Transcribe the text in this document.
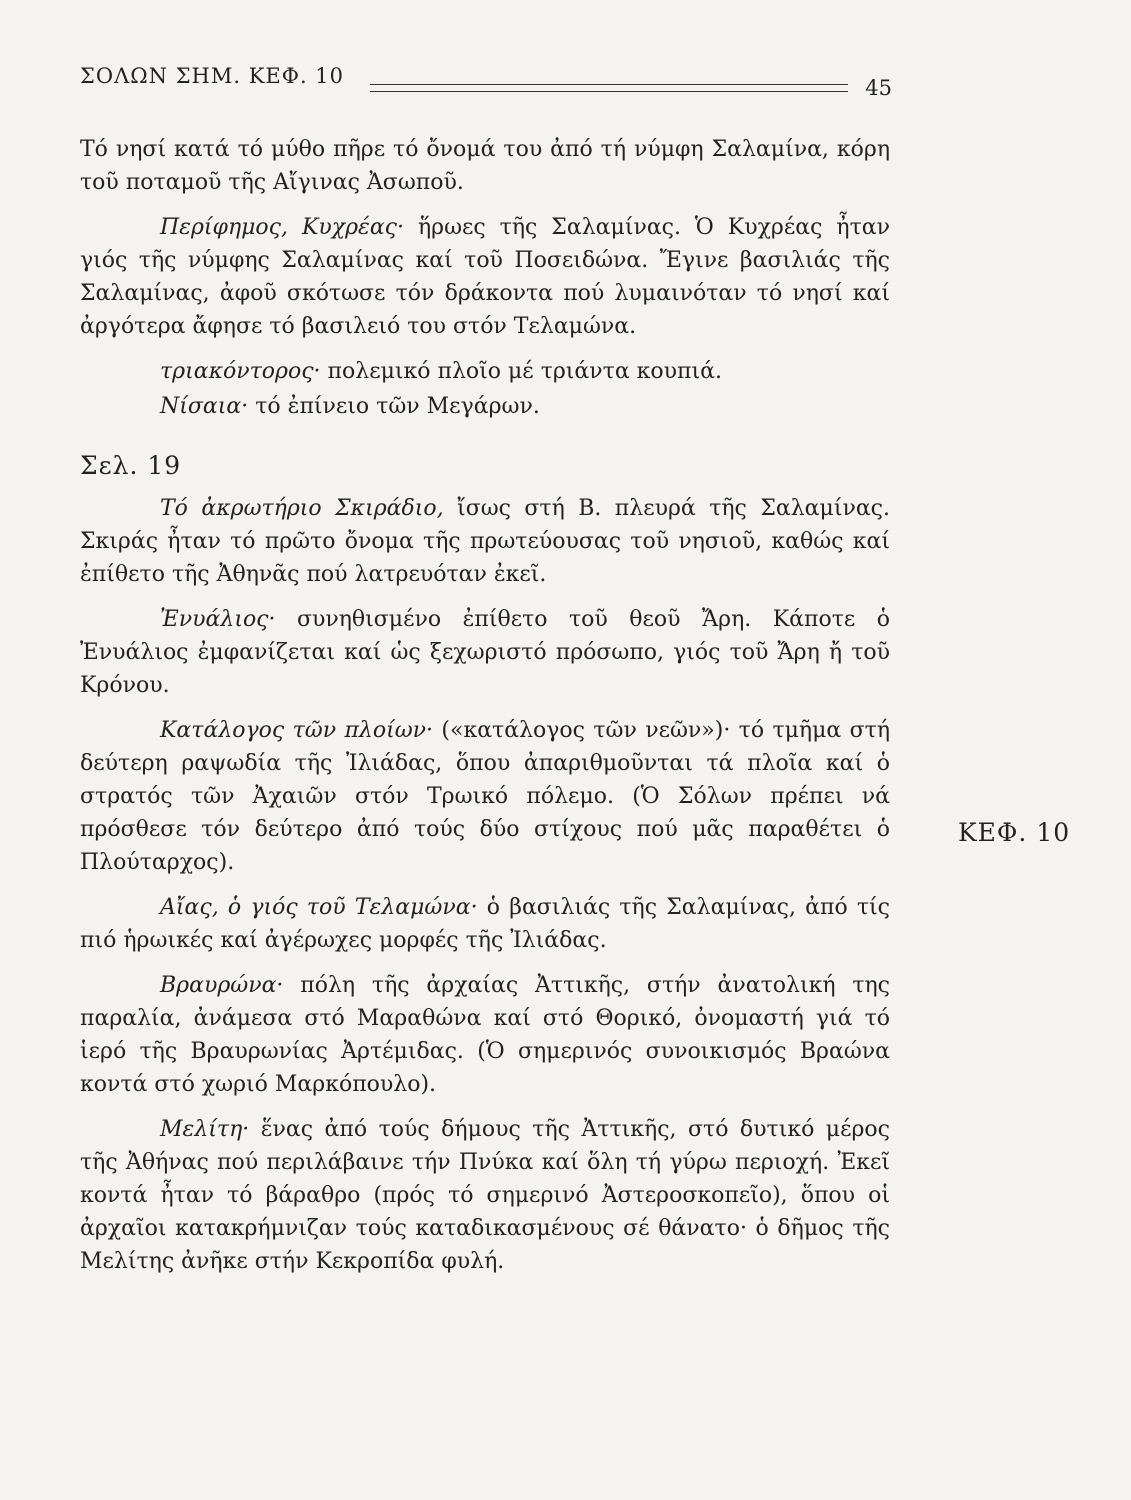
ΣΟΛΩΝ ΣΗΜ. ΚΕΦ. 10	45

Τό νησί κατά τό μύθο πῆρε τό ὄνομά του ἀπό τή νύμφη Σαλαμίνα, κόρη τοῦ ποταμοῦ τῆς Αἴγινας Ἀσωποῦ.

Περίφημος, Κυχρέας· ἥρωες τῆς Σαλαμίνας. Ὁ Κυχρέας ἦταν γιός τῆς νύμφης Σαλαμίνας καί τοῦ Ποσειδώνα. Ἔγινε βασιλιάς τῆς Σαλαμίνας, ἀφοῦ σκότωσε τόν δράκοντα πού λυμαινόταν τό νησί καί ἀργότερα ἄφησε τό βασιλειό του στόν Τελαμώνα.

τριακόντορος· πολεμικό πλοῖο μέ τριάντα κουπιά.

Νίσαια· τό ἐπίνειο τῶν Μεγάρων.

Σελ. 19

Τό ἀκρωτήριο Σκιράδιο, ἴσως στή Β. πλευρά τῆς Σαλαμίνας. Σκιράς ἦταν τό πρῶτο ὄνομα τῆς πρωτεύουσας τοῦ νησιοῦ, καθώς καί ἐπίθετο τῆς Ἀθηνᾶς πού λατρευόταν ἐκεῖ.

Ἐνυάλιος· συνηθισμένο ἐπίθετο τοῦ θεοῦ Ἄρη. Κάποτε ὁ Ἐνυάλιος ἐμφανίζεται καί ὡς ξεχωριστό πρόσωπο, γιός τοῦ Ἄρη ἤ τοῦ Κρόνου.

Κατάλογος τῶν πλοίων· («κατάλογος τῶν νεῶν»)· τό τμῆμα στή δεύτερη ραψωδία τῆς Ἰλιάδας, ὅπου ἀπαριθμοῦνται τά πλοῖα καί ὁ στρατός τῶν Ἀχαιῶν στόν Τρωικό πόλεμο. (Ὁ Σόλων πρέπει νά πρόσθεσε τόν δεύτερο ἀπό τούς δύο στίχους πού μᾶς παραθέτει ὁ Πλούταρχος).

Αἴας, ὁ γιός τοῦ Τελαμώνα· ὁ βασιλιάς τῆς Σαλαμίνας, ἀπό τίς πιό ἡρωικές καί ἀγέρωχες μορφές τῆς Ἰλιάδας.

Βραυρώνα· πόλη τῆς ἀρχαίας Ἀττικῆς, στήν ἀνατολική της παραλία, ἀνάμεσα στό Μαραθώνα καί στό Θορικό, ὀνομαστή γιά τό ἱερό τῆς Βραυρωνίας Ἀρτέμιδας. (Ὁ σημερινός συνοικισμός Βραώνα κοντά στό χωριό Μαρκόπουλο).

Μελίτη· ἕνας ἀπό τούς δήμους τῆς Ἀττικῆς, στό δυτικό μέρος τῆς Ἀθήνας πού περιλάβαινε τήν Πνύκα καί ὅλη τή γύρω περιοχή. Ἐκεῖ κοντά ἦταν τό βάραθρο (πρός τό σημερινό Ἀστεροσκοπεῖο), ὅπου οἱ ἀρχαῖοι κατακρήμνιζαν τούς καταδικασμένους σέ θάνατο· ὁ δῆμος τῆς Μελίτης ἀνῆκε στήν Κεκροπίδα φυλή.

ΚΕΦ. 10
